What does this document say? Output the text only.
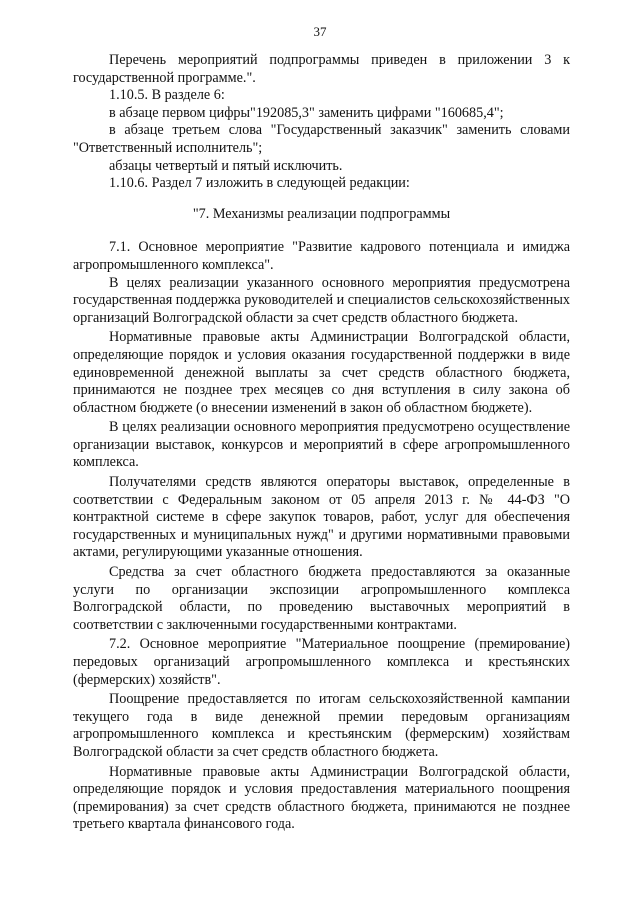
37

Перечень мероприятий подпрограммы приведен в приложении 3 к государственной программе.".

1.10.5. В разделе 6:

в абзаце первом цифры"192085,3" заменить цифрами "160685,4";

в абзаце третьем слова "Государственный заказчик" заменить словами "Ответственный исполнитель";

абзацы четвертый и пятый исключить.

1.10.6. Раздел 7 изложить в следующей редакции:

"7. Механизмы реализации подпрограммы

7.1. Основное мероприятие "Развитие кадрового потенциала и имиджа агропромышленного комплекса".

В целях реализации указанного основного мероприятия предусмотрена государственная поддержка руководителей и специалистов сельскохозяйственных организаций Волгоградской области за счет средств областного бюджета.

Нормативные правовые акты Администрации Волгоградской области, определяющие порядок и условия оказания государственной поддержки в виде единовременной денежной выплаты за счет средств областного бюджета, принимаются не позднее трех месяцев со дня вступления в силу закона об областном бюджете (о внесении изменений в закон об областном бюджете).

В целях реализации основного мероприятия предусмотрено осуществление организации выставок, конкурсов и мероприятий в сфере агропромышленного комплекса.

Получателями средств являются операторы выставок, определенные в соответствии с Федеральным законом от 05 апреля 2013 г. № 44-ФЗ "О контрактной системе в сфере закупок товаров, работ, услуг для обеспечения государственных и муниципальных нужд" и другими нормативными правовыми актами, регулирующими указанные отношения.

Средства за счет областного бюджета предоставляются за оказанные услуги по организации экспозиции агропромышленного комплекса Волгоградской области, по проведению выставочных мероприятий в соответствии с заключенными государственными контрактами.

7.2. Основное мероприятие "Материальное поощрение (премирование) передовых организаций агропромышленного комплекса и крестьянских (фермерских) хозяйств".

Поощрение предоставляется по итогам сельскохозяйственной кампании текущего года в виде денежной премии передовым организациям агропромышленного комплекса и крестьянским (фермерским) хозяйствам Волгоградской области за счет средств областного бюджета.

Нормативные правовые акты Администрации Волгоградской области, определяющие порядок и условия предоставления материального поощрения (премирования) за счет средств областного бюджета, принимаются не позднее третьего квартала финансового года.
